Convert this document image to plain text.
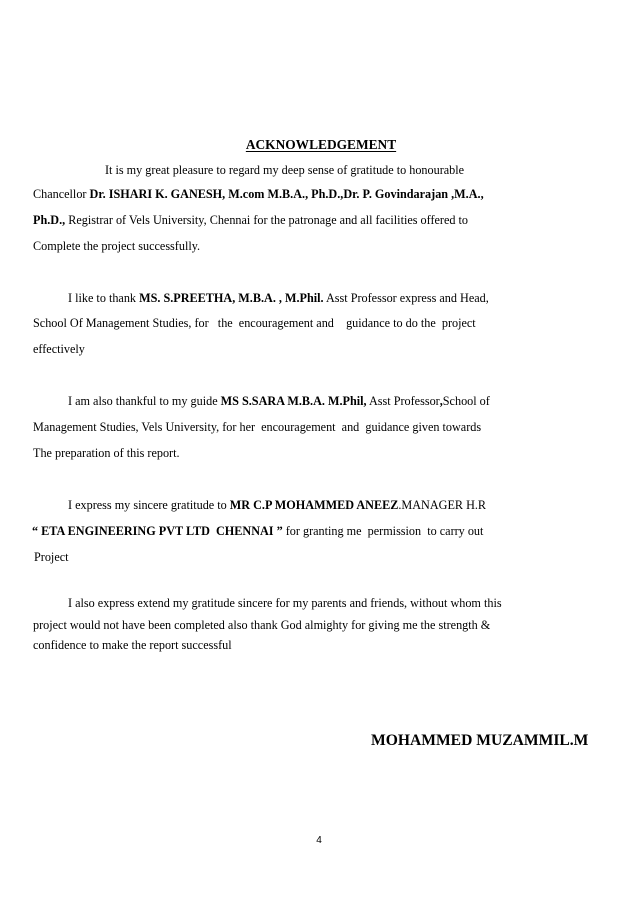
ACKNOWLEDGEMENT
It is my great pleasure to regard my deep sense of gratitude to honourable
Chancellor Dr. ISHARI K. GANESH, M.com M.B.A., Ph.D.,Dr. P. Govindarajan ,M.A.,
Ph.D., Registrar of Vels University, Chennai for the patronage and all facilities offered to
Complete the project successfully.
I like to thank MS. S.PREETHA, M.B.A. , M.Phil. Asst Professor express and Head,
School Of Management Studies, for   the  encouragement and    guidance to do the  project
effectively
I am also thankful to my guide MS S.SARA M.B.A. M.Phil, Asst Professor,School of
Management Studies, Vels University, for her  encouragement  and  guidance given towards
The preparation of this report.
I express my sincere gratitude to MR C.P MOHAMMED ANEEZ.MANAGER H.R
“ ETA ENGINEERING PVT LTD  CHENNAI ” for granting me  permission  to carry out
Project
I also express extend my gratitude sincere for my parents and friends, without whom this
project would not have been completed also thank God almighty for giving me the strength &
confidence to make the report successful
MOHAMMED MUZAMMIL.M
4
